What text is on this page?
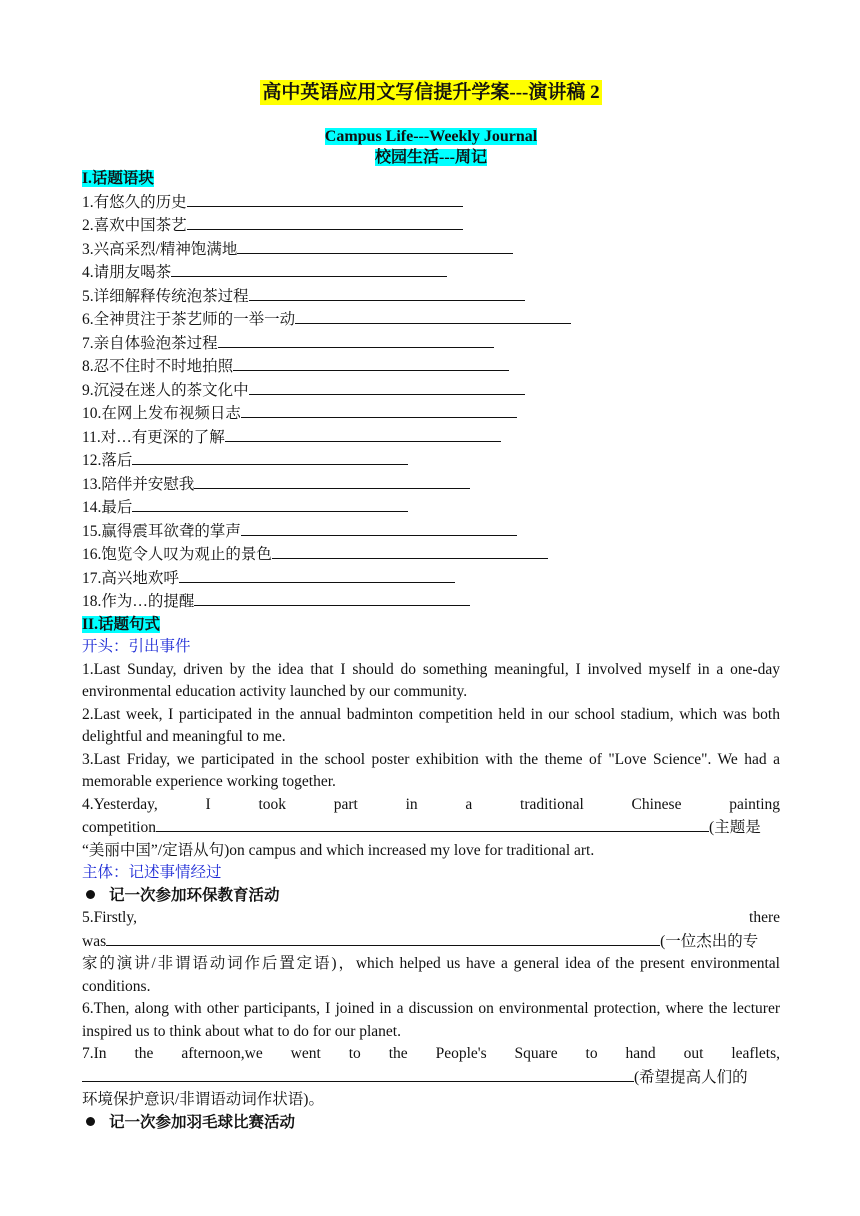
高中英语应用文写信提升学案---演讲稿 2
Campus Life---Weekly Journal
校园生活---周记
I.话题语块
1.有悠久的历史
2.喜欢中国茶艺
3.兴高采烈/精神饱满地
4.请朋友喝茶
5.详细解释传统泡茶过程
6.全神贯注于茶艺师的一举一动
7.亲自体验泡茶过程
8.忍不住时不时地拍照
9.沉浸在迷人的茶文化中
10.在网上发布视频日志
11.对…有更深的了解
12.落后
13.陪伴并安慰我
14.最后
15.赢得震耳欲聋的掌声
16.饱览令人叹为观止的景色
17.高兴地欢呼
18.作为…的提醒
II.话题句式
开头：引出事件
1.Last Sunday, driven by the idea that I should do something meaningful, I involved myself in a one-day environmental education activity launched by our community.
2.Last week, I participated in the annual badminton competition held in our school stadium, which was both delightful and meaningful to me.
3.Last Friday, we participated in the school poster exhibition with the theme of "Love Science". We had a memorable experience working together.
4.Yesterday, I took part in a traditional Chinese painting
competition	(主题是
“美丽中国”/定语从句)on campus and which increased my love for traditional art.
主体：记述事情经过
记一次参加环保教育活动
5.Firstly, there
was	(一位杰出的专
家的演讲/非谓语动词作后置定语)，which helped us have a general idea of the present environmental conditions.
6.Then, along with other participants, I joined in a discussion on environmental protection, where the lecturer inspired us to think about what to do for our planet.
7.In the afternoon,we went to the People's Square to hand out leaflets,
(希望提高人们的
环境保护意识/非谓语动词作状语)。
记一次参加羽毛球比赛活动
